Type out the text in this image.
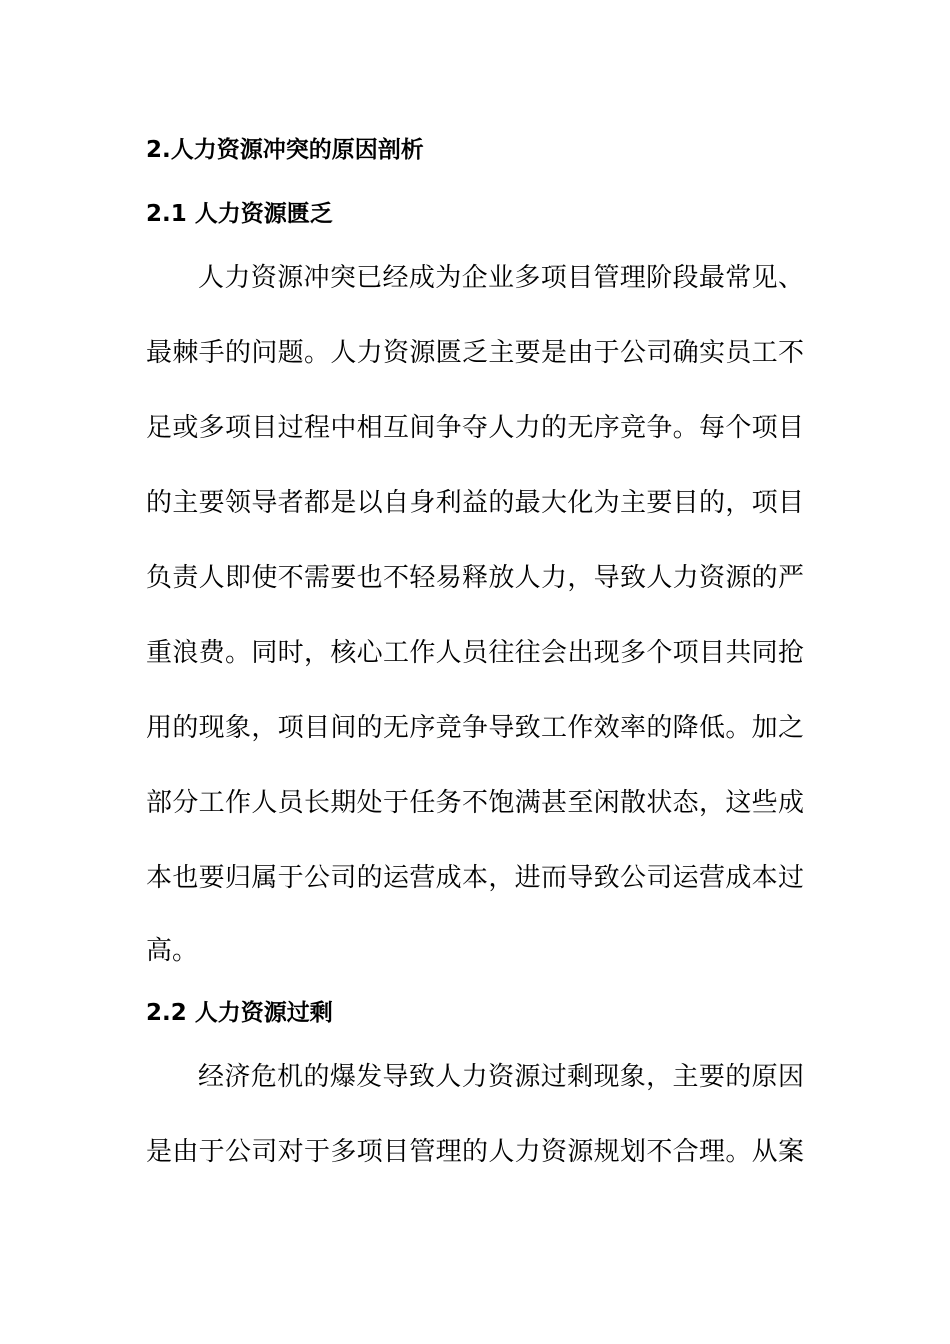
2.人力资源冲突的原因剖析
2.1 人力资源匮乏
人力资源冲突已经成为企业多项目管理阶段最常见、
最棘手的问题。人力资源匮乏主要是由于公司确实员工不
足或多项目过程中相互间争夺人力的无序竞争。每个项目
的主要领导者都是以自身利益的最大化为主要目的，项目
负责人即使不需要也不轻易释放人力，导致人力资源的严
重浪费。同时，核心工作人员往往会出现多个项目共同抢
用的现象，项目间的无序竞争导致工作效率的降低。加之
部分工作人员长期处于任务不饱满甚至闲散状态，这些成
本也要归属于公司的运营成本，进而导致公司运营成本过
高。
2.2 人力资源过剩
经济危机的爆发导致人力资源过剩现象，主要的原因
是由于公司对于多项目管理的人力资源规划不合理。从案
